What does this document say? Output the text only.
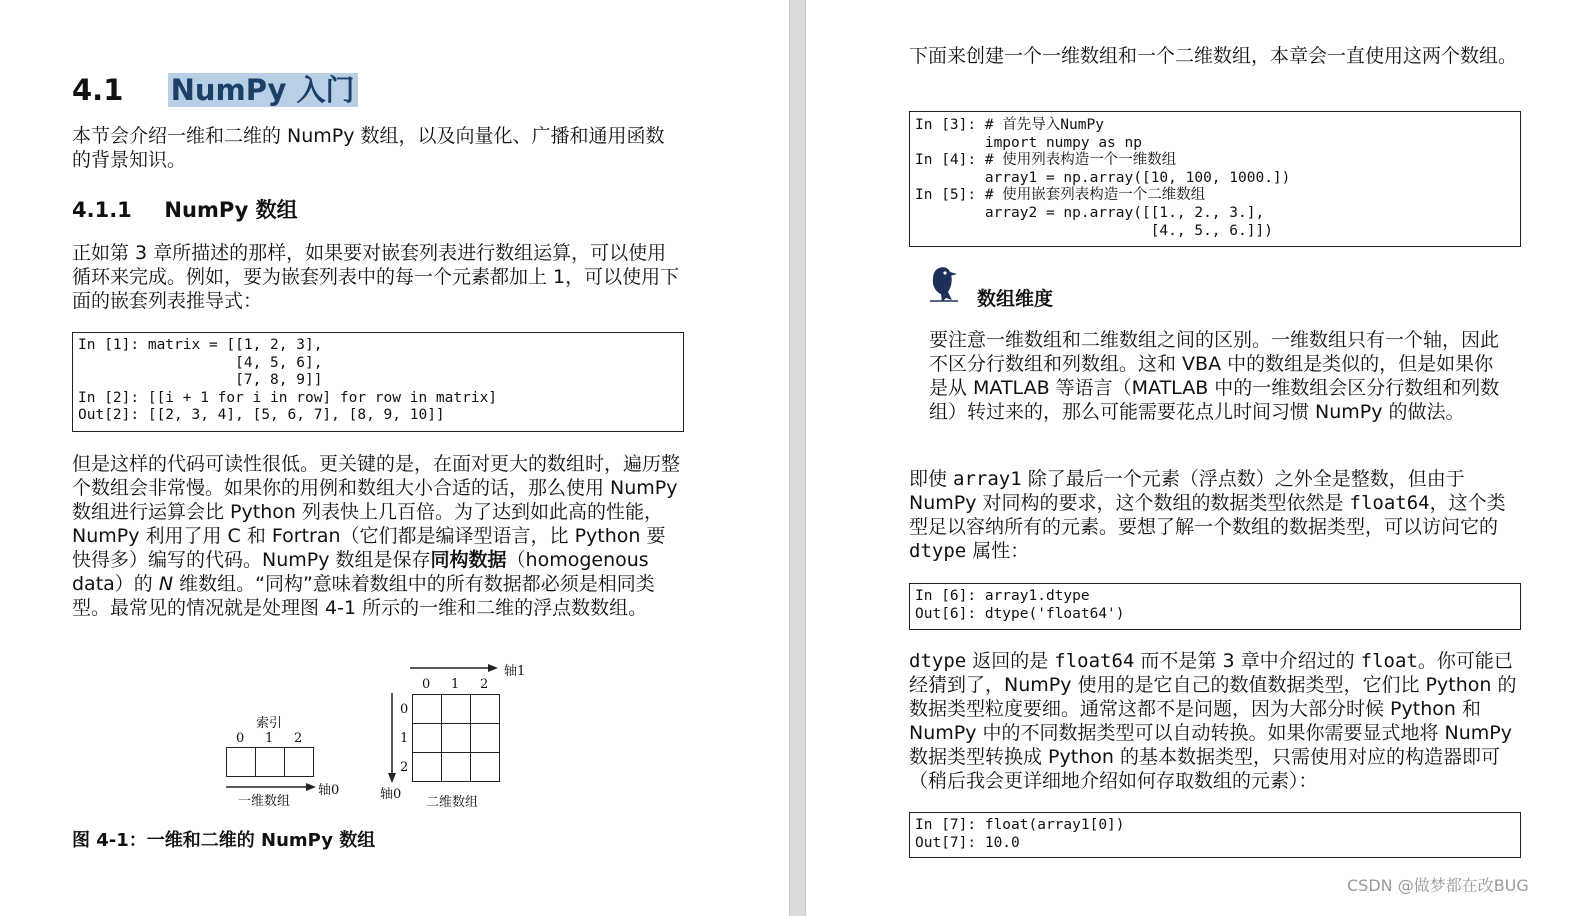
4.1 NumPy 入门
本节会介绍一维和二维的 NumPy 数组，以及向量化、广播和通用函数的背景知识。
4.1.1 NumPy 数组
正如第 3 章所描述的那样，如果要对嵌套列表进行数组运算，可以使用循环来完成。例如，要为嵌套列表中的每一个元素都加上 1，可以使用下面的嵌套列表推导式：
In [1]: matrix = [[1, 2, 3],
[4, 5, 6],
[7, 8, 9]]
In [2]: [[i + 1 for i in row] for row in matrix]
Out[2]: [[2, 3, 4], [5, 6, 7], [8, 9, 10]]
但是这样的代码可读性很低。更关键的是，在面对更大的数组时，遍历整个数组会非常慢。如果你的用例和数组大小合适的话，那么使用 NumPy 数组进行运算会比 Python 列表快上几百倍。为了达到如此高的性能，NumPy 利用了用 C 和 Fortran（它们都是编译型语言，比 Python 要快得多）编写的代码。NumPy 数组是保存同构数据（homogenous data）的 N 维数组。“同构”意味着数组中的所有数据都必须是相同类型。最常见的情况就是处理图 4-1 所示的一维和二维的浮点数数组。
索引
0 1 2
轴0
一维数组
轴1
0 1 2
0
1
2
轴0
二维数组
图 4-1：一维和二维的 NumPy 数组
下面来创建一个一维数组和一个二维数组，本章会一直使用这两个数组。
In [3]: # 首先导入NumPy
import numpy as np
In [4]: # 使用列表构造一个一维数组
array1 = np.array([10, 100, 1000.])
In [5]: # 使用嵌套列表构造一个二维数组
array2 = np.array([[1., 2., 3.],
[4., 5., 6.]])
数组维度
要注意一维数组和二维数组之间的区别。一维数组只有一个轴，因此不区分行数组和列数组。这和 VBA 中的数组是类似的，但是如果你是从 MATLAB 等语言（MATLAB 中的一维数组会区分行数组和列数组）转过来的，那么可能需要花点儿时间习惯 NumPy 的做法。
即使 array1 除了最后一个元素（浮点数）之外全是整数，但由于 NumPy 对同构的要求，这个数组的数据类型依然是 float64，这个类型足以容纳所有的元素。要想了解一个数组的数据类型，可以访问它的 dtype 属性：
In [6]: array1.dtype
Out[6]: dtype('float64')
dtype 返回的是 float64 而不是第 3 章中介绍过的 float。你可能已经猜到了，NumPy 使用的是它自己的数值数据类型，它们比 Python 的数据类型粒度要细。通常这都不是问题，因为大部分时候 Python 和 NumPy 中的不同数据类型可以自动转换。如果你需要显式地将 NumPy 数据类型转换成 Python 的基本数据类型，只需使用对应的构造器即可（稍后我会更详细地介绍如何存取数组的元素）：
In [7]: float(array1[0])
Out[7]: 10.0
CSDN @做梦都在改BUG
